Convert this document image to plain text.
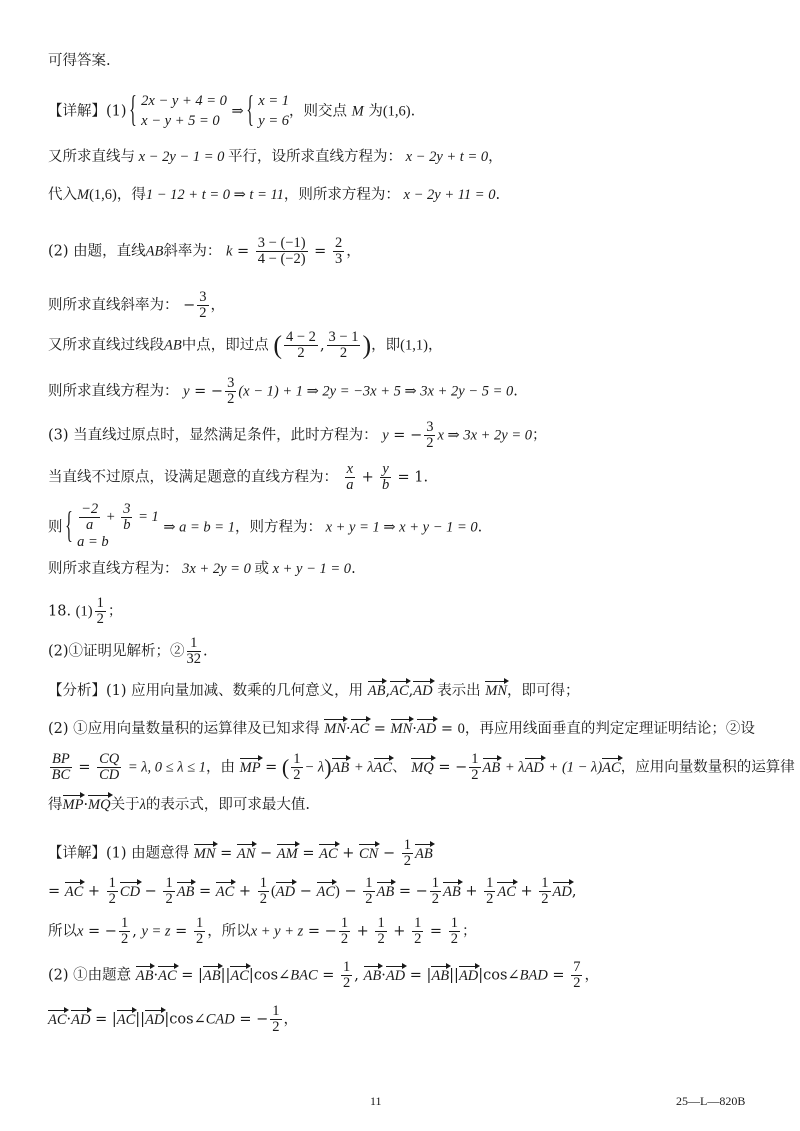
可得答案.
【详解】(1)
{ 2x − y + 4 = 0
x − y + 5 = 0
⇒
{ x = 1
y = 6
，则交点 M 为(1,6).
又所求直线与 x − 2y − 1 = 0 平行，设所求直线方程为： x − 2y + t = 0，
代入M(1,6)，得1 − 12 + t = 0 ⇒ t = 11，则所求方程为： x − 2y + 11 = 0.
(2) 由题，直线AB斜率为： $k = \frac{3 - (-1)}{4 - (-2)} = \frac{2}{3}$ ，
则所求直线斜率为： − $\frac{3}{2}$ ，
又所求直线过线段AB中点，即过点 ( $\frac{4 - 2}{2}$ , $\frac{3 - 1}{2}$ )，即(1,1)，
则所求直线方程为： y = − $\frac{3}{2} (x - 1) + 1$ ⇒ 2y = −3x + 5 ⇒ 3x + 2y − 5 = 0.
(3) 当直线过原点时，显然满足条件，此时方程为： y = − $\frac{3}{2}$ x ⇒ 3x + 2y = 0；
当直线不过原点，设满足题意的直线方程为： $\frac{x}{a} + \frac{y}{b} = 1$.
则
{ $\frac{-2}{a} + \frac{3}{b} = 1$
a = b
⇒ a = b = 1，则方程为： x + y = 1 ⇒ x + y − 1 = 0.
则所求直线方程为： 3x + 2y = 0 或 x + y − 1 = 0.
18. $(1) \frac{1}{2}$ ；
(2)①证明见解析；② $\frac{1}{32}$ .
【分析】(1) 应用向量加减、数乘的几何意义，用 AB,AC,AD 表示出 MN，即可得；
(2) ①应用向量数量积的运算律及已知求得 MN·AC = MN·AD = 0，再应用线面垂直的判定定理证明结论；②设
$\frac{BP}{BC} = \frac{CQ}{CD} = \lambda$, 0 ≤ λ ≤ 1，由 MP = ( $\frac{1}{2} - \lambda)AB + \lambda AC$、 MQ = − $\frac{1}{2}$ AB + λAD + (1 − λ)AC，应用向量数量积的运算律
得MP·MQ关于λ的表示式，即可求最大值.
【详解】(1) 由题意得 MN = AN − AM = AC + CN − $\frac{1}{2}$ AB
= AC + $\frac{1}{2}$ CD − $\frac{1}{2}$ AB = AC + $\frac{1}{2} (AD - AC) - \frac{1}{2}$ AB = − $\frac{1}{2}$ AB + $\frac{1}{2}$ AC + $\frac{1}{2}$ AD,
所以x = − $\frac{1}{2}$ , $y = z = \frac{1}{2}$ ，所以x + y + z = − $\frac{1}{2} + \frac{1}{2} + \frac{1}{2} = \frac{1}{2}$ ；
(2) ①由题意 AB·AC = |AB||AC|cos∠BAC = $\frac{1}{2}$ , AB·AD = |AB||AD|cos∠BAD = $\frac{7}{2}$ ，
AC·AD = |AC||AD|cos∠CAD = − $\frac{1}{2}$ ，
11	25—L—820B
